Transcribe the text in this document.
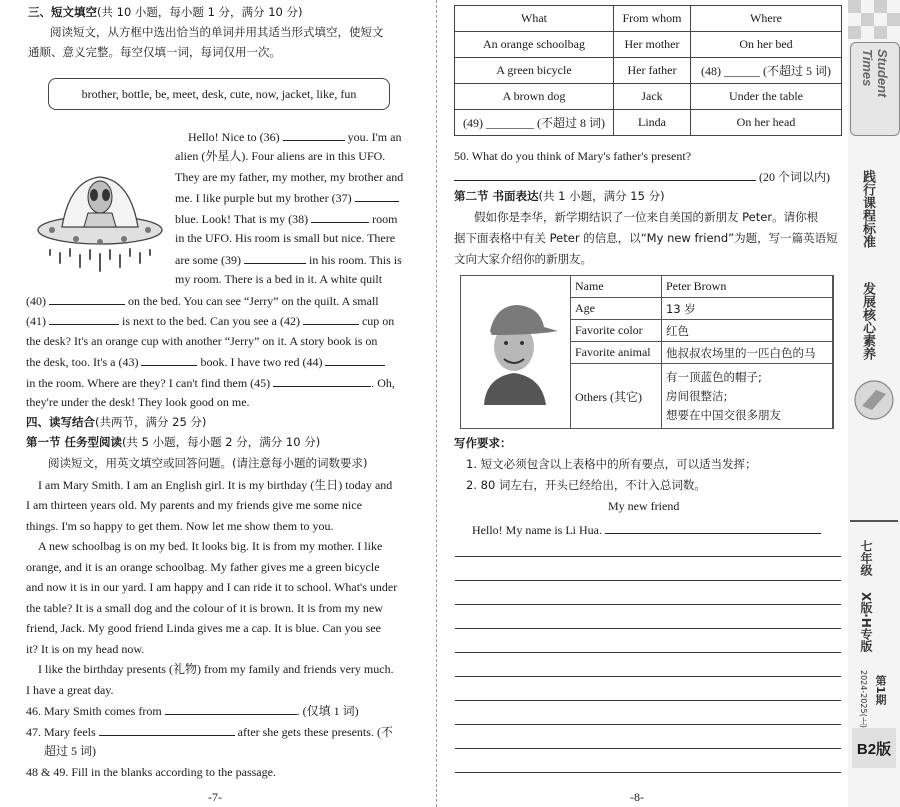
三、短文填空(共 10 小题，每小题 1 分，满分 10 分)
阅读短文，从方框中选出恰当的单词并用其适当形式填空，使短文
通顺、意义完整。每空仅填一词，每词仅用一次。
brother, bottle, be, meet, desk, cute, now, jacket, like, fun
Hello! Nice to (36)	you. I'm an
alien (外星人). Four aliens are in this UFO.
They are my father, my mother, my brother and
me. I like purple but my brother (37)
blue. Look! That is my (38)	room
in the UFO. His room is small but nice. There
are some (39)	in his room. This is
my room. There is a bed in it. A white quilt
(40)	on the bed. You can see “Jerry” on the quilt. A small
(41)	is next to the bed. Can you see a (42)	cup on
the desk? It's an orange cup with another “Jerry” on it. A story book is on
the desk, too. It's a (43)	book. I have two red (44)
in the room. Where are they? I can't find them (45)	. Oh,
they're under the desk! They look good on me.
四、读写结合(共两节，满分 25 分)
第一节 任务型阅读(共 5 小题，每小题 2 分，满分 10 分)
阅读短文，用英文填空或回答问题。(请注意每小题的词数要求)
I am Mary Smith. I am an English girl. It is my birthday (生日) today and
I am thirteen years old. My parents and my friends give me some nice
things. I'm so happy to get them. Now let me show them to you.
A new schoolbag is on my bed. It looks big. It is from my mother. I like
orange, and it is an orange schoolbag. My father gives me a green bicycle
and now it is in our yard. I am happy and I can ride it to school. What's under
the table? It is a small dog and the colour of it is brown. It is from my new
friend, Jack. My good friend Linda gives me a cap. It is blue. Can you see
it? It is on my head now.
I like the birthday presents (礼物) from my family and friends very much.
I have a great day.
46. Mary Smith comes from	. (仅填 1 词)
47. Mary feels	after she gets these presents. (不
超过 5 词)
48 & 49. Fill in the blanks according to the passage.
-7-
What	From whom	Where
An orange schoolbag	Her mother	On her bed
A green bicycle	Her father	(48) ______ (不超过 5 词)
A brown dog	Jack	Under the table
(49) ________ (不超过 8 词)	Linda	On her head
50. What do you think of Mary's father's present?
(20 个词以内)
第二节 书面表达(共 1 小题，满分 15 分)
假如你是李华，新学期结识了一位来自美国的新朋友 Peter。请你根
据下面表格中有关 Peter 的信息，以“My new friend”为题，写一篇英语短
文向大家介绍你的新朋友。
Name	Peter Brown
Age	13 岁
Favorite color	红色
Favorite animal	他叔叔农场里的一匹白色的马
Others (其它)	有一顶蓝色的帽子;
房间很整洁;
想要在中国交很多朋友
写作要求：
1. 短文必须包含以上表格中的所有要点，可以适当发挥；
2. 80 词左右，开头已经给出，不计入总词数。
My new friend
Hello! My name is Li Hua.
-8-
Student Times
践行课程标准
发展核心素养
七年级
X版·H专版
第1期
2024-2025(上)
B2版
